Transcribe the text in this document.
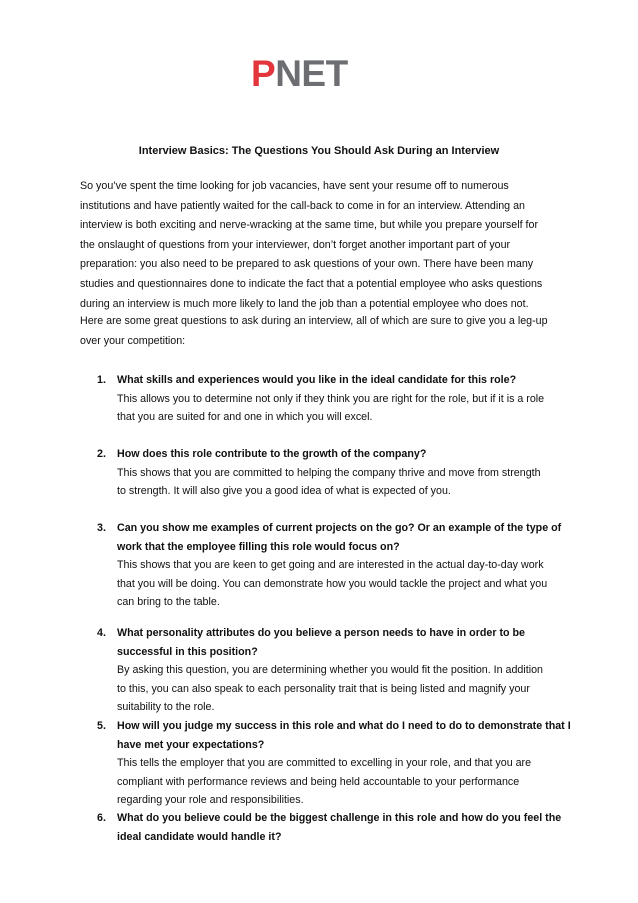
P NET
Interview Basics: The Questions You Should Ask During an Interview

So you’ve spent the time looking for job vacancies, have sent your resume off to numerous
institutions and have patiently waited for the call-back to come in for an interview. Attending an
interview is both exciting and nerve-wracking at the same time, but while you prepare yourself for
the onslaught of questions from your interviewer, don’t forget another important part of your
preparation: you also need to be prepared to ask questions of your own. There have been many
studies and questionnaires done to indicate the fact that a potential employee who asks questions
during an interview is much more likely to land the job than a potential employee who does not.

Here are some great questions to ask during an interview, all of which are sure to give you a leg-up
over your competition:

1. What skills and experiences would you like in the ideal candidate for this role?
This allows you to determine not only if they think you are right for the role, but if it is a role
that you are suited for and one in which you will excel.
2. How does this role contribute to the growth of the company?
This shows that you are committed to helping the company thrive and move from strength
to strength. It will also give you a good idea of what is expected of you.
3. Can you show me examples of current projects on the go? Or an example of the type of
work that the employee filling this role would focus on?
This shows that you are keen to get going and are interested in the actual day-to-day work
that you will be doing. You can demonstrate how you would tackle the project and what you
can bring to the table.
4. What personality attributes do you believe a person needs to have in order to be
successful in this position?
By asking this question, you are determining whether you would fit the position. In addition
to this, you can also speak to each personality trait that is being listed and magnify your
suitability to the role.
5. How will you judge my success in this role and what do I need to do to demonstrate that I
have met your expectations?
This tells the employer that you are committed to excelling in your role, and that you are
compliant with performance reviews and being held accountable to your performance
regarding your role and responsibilities.
6. What do you believe could be the biggest challenge in this role and how do you feel the
ideal candidate would handle it?
